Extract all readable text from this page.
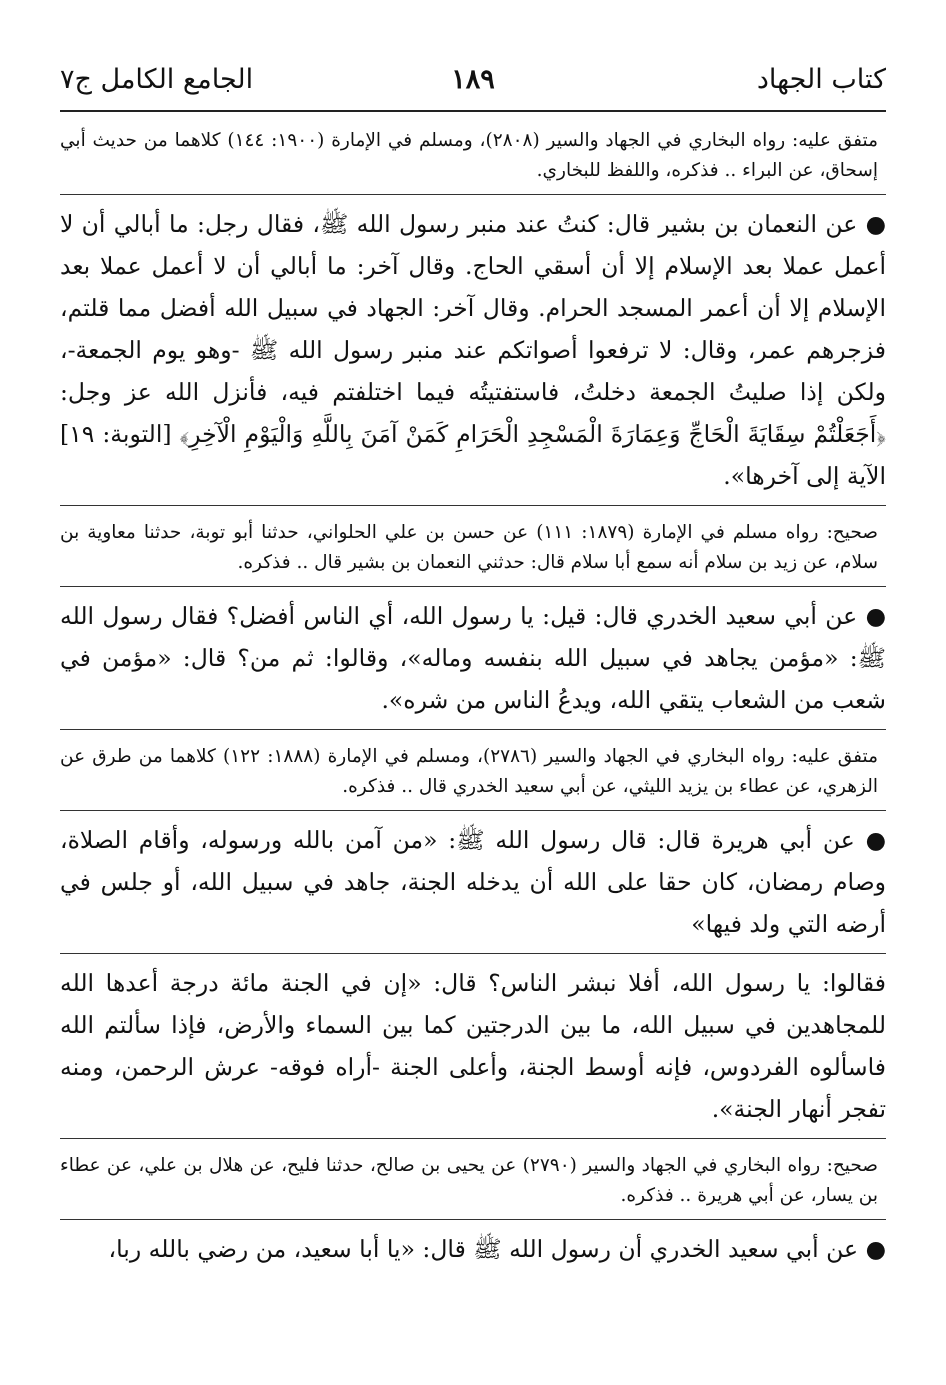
كتاب الجهاد
١٨٩
الجامع الكامل ج٧
متفق عليه: رواه البخاري في الجهاد والسير (٢٨٠٨)، ومسلم في الإمارة (١٩٠٠: ١٤٤) كلاهما من حديث أبي إسحاق، عن البراء .. فذكره، واللفظ للبخاري.
● عن النعمان بن بشير قال: كنتُ عند منبر رسول الله ﷺ، فقال رجل: ما أبالي أن لا أعمل عملا بعد الإسلام إلا أن أسقي الحاج. وقال آخر: ما أبالي أن لا أعمل عملا بعد الإسلام إلا أن أعمر المسجد الحرام. وقال آخر: الجهاد في سبيل الله أفضل مما قلتم، فزجرهم عمر، وقال: لا ترفعوا أصواتكم عند منبر رسول الله ﷺ -وهو يوم الجمعة-، ولكن إذا صليتُ الجمعة دخلتُ، فاستفتيتُه فيما اختلفتم فيه، فأنزل الله عز وجل: ﴿أَجَعَلْتُمْ سِقَايَةَ الْحَاجِّ وَعِمَارَةَ الْمَسْجِدِ الْحَرَامِ كَمَنْ آمَنَ بِاللَّهِ وَالْيَوْمِ الْآخِرِ﴾ [التوبة: ١٩] الآية إلى آخرها».
صحيح: رواه مسلم في الإمارة (١٨٧٩: ١١١) عن حسن بن علي الحلواني، حدثنا أبو توبة، حدثنا معاوية بن سلام، عن زيد بن سلام أنه سمع أبا سلام قال: حدثني النعمان بن بشير قال .. فذكره.
● عن أبي سعيد الخدري قال: قيل: يا رسول الله، أي الناس أفضل؟ فقال رسول الله ﷺ: «مؤمن يجاهد في سبيل الله بنفسه وماله»، وقالوا: ثم من؟ قال: «مؤمن في شعب من الشعاب يتقي الله، ويدعُ الناس من شره».
متفق عليه: رواه البخاري في الجهاد والسير (٢٧٨٦)، ومسلم في الإمارة (١٨٨٨: ١٢٢) كلاهما من طرق عن الزهري، عن عطاء بن يزيد الليثي، عن أبي سعيد الخدري قال .. فذكره.
● عن أبي هريرة قال: قال رسول الله ﷺ: «من آمن بالله ورسوله، وأقام الصلاة، وصام رمضان، كان حقا على الله أن يدخله الجنة، جاهد في سبيل الله، أو جلس في أرضه التي ولد فيها»
فقالوا: يا رسول الله، أفلا نبشر الناس؟ قال: «إن في الجنة مائة درجة أعدها الله للمجاهدين في سبيل الله، ما بين الدرجتين كما بين السماء والأرض، فإذا سألتم الله فاسألوه الفردوس، فإنه أوسط الجنة، وأعلى الجنة -أراه فوقه- عرش الرحمن، ومنه تفجر أنهار الجنة».
صحيح: رواه البخاري في الجهاد والسير (٢٧٩٠) عن يحيى بن صالح، حدثنا فليح، عن هلال بن علي، عن عطاء بن يسار، عن أبي هريرة .. فذكره.
● عن أبي سعيد الخدري أن رسول الله ﷺ قال: «يا أبا سعيد، من رضي بالله ربا،
